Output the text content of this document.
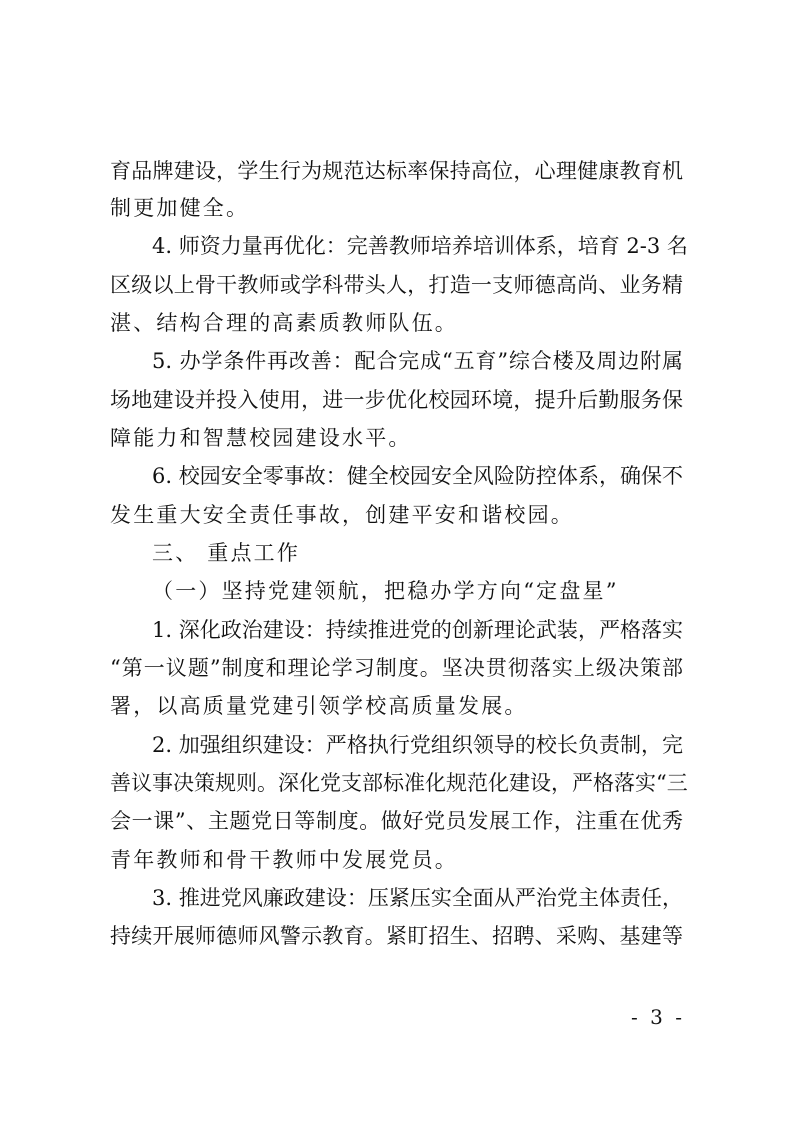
育品牌建设，学生行为规范达标率保持高位，心理健康教育机
制更加健全。
4. 师资力量再优化：完善教师培养培训体系，培育 2-3 名
区级以上骨干教师或学科带头人，打造一支师德高尚、业务精
湛、结构合理的高素质教师队伍。
5. 办学条件再改善：配合完成“五育”综合楼及周边附属
场地建设并投入使用，进一步优化校园环境，提升后勤服务保
障能力和智慧校园建设水平。
6. 校园安全零事故：健全校园安全风险防控体系，确保不
发生重大安全责任事故，创建平安和谐校园。
三、 重点工作
（一）坚持党建领航，把稳办学方向“定盘星”
1. 深化政治建设：持续推进党的创新理论武装，严格落实
“第一议题”制度和理论学习制度。坚决贯彻落实上级决策部
署，以高质量党建引领学校高质量发展。
2. 加强组织建设：严格执行党组织领导的校长负责制，完
善议事决策规则。深化党支部标准化规范化建设，严格落实“三
会一课”、主题党日等制度。做好党员发展工作，注重在优秀
青年教师和骨干教师中发展党员。
3. 推进党风廉政建设：压紧压实全面从严治党主体责任，
持续开展师德师风警示教育。紧盯招生、招聘、采购、基建等
- 3 -
